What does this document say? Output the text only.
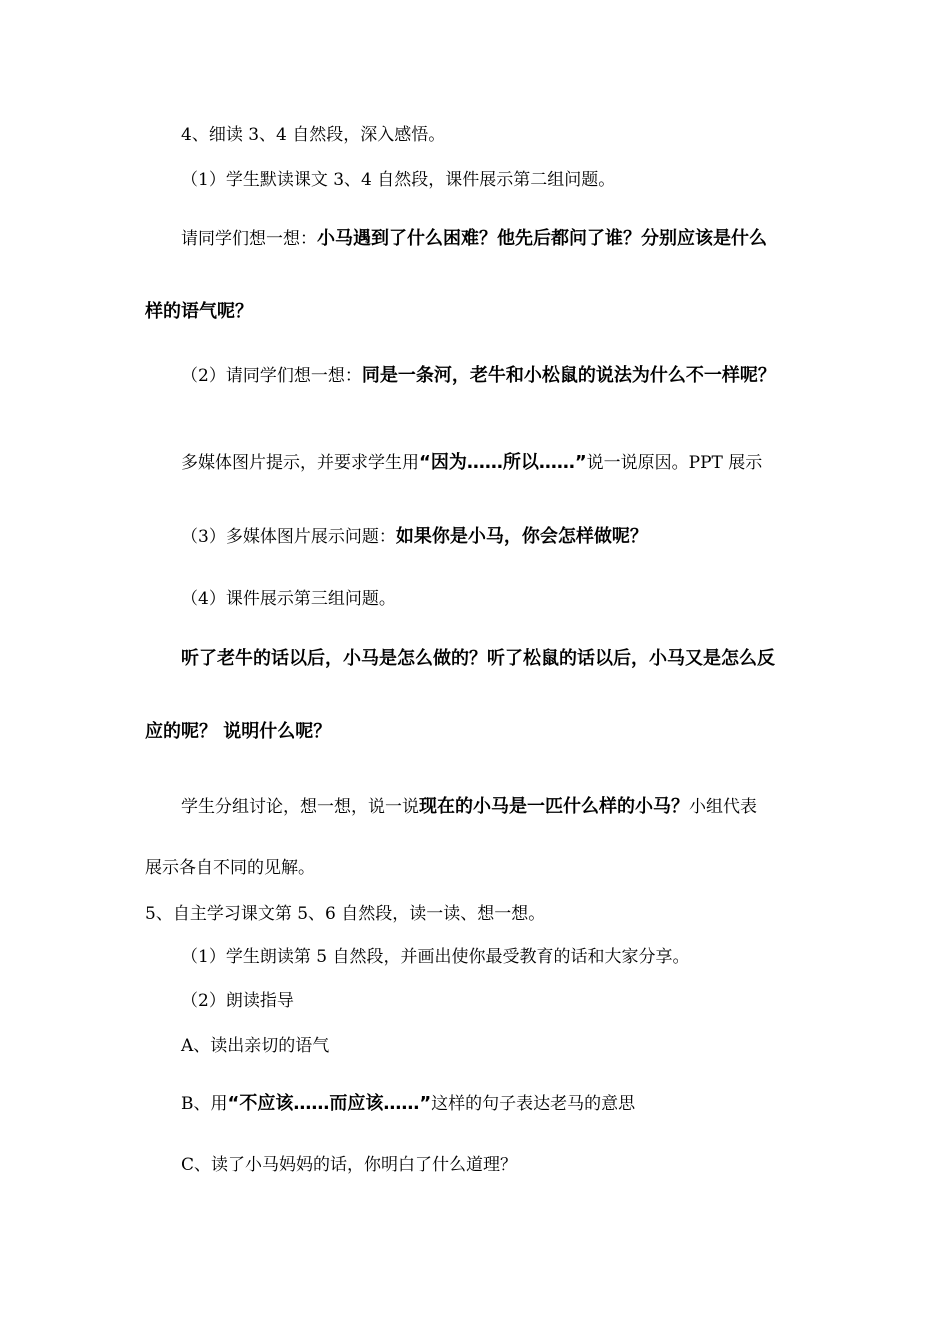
4、细读 3、4 自然段，深入感悟。
（1）学生默读课文 3、4 自然段，课件展示第二组问题。
请同学们想一想：小马遇到了什么困难？他先后都问了谁？分别应该是什么
样的语气呢？
（2）请同学们想一想：同是一条河，老牛和小松鼠的说法为什么不一样呢？
多媒体图片提示，并要求学生用“因为……所以……”说一说原因。PPT 展示
（3）多媒体图片展示问题：如果你是小马，你会怎样做呢？
（4）课件展示第三组问题。
听了老牛的话以后，小马是怎么做的？听了松鼠的话以后，小马又是怎么反
应的呢？ 说明什么呢？
学生分组讨论，想一想，说一说现在的小马是一匹什么样的小马？小组代表
展示各自不同的见解。
5、自主学习课文第 5、6 自然段，读一读、想一想。
（1）学生朗读第 5 自然段，并画出使你最受教育的话和大家分享。
（2）朗读指导
A、读出亲切的语气
B、用“不应该……而应该……”这样的句子表达老马的意思
C、读了小马妈妈的话，你明白了什么道理？
